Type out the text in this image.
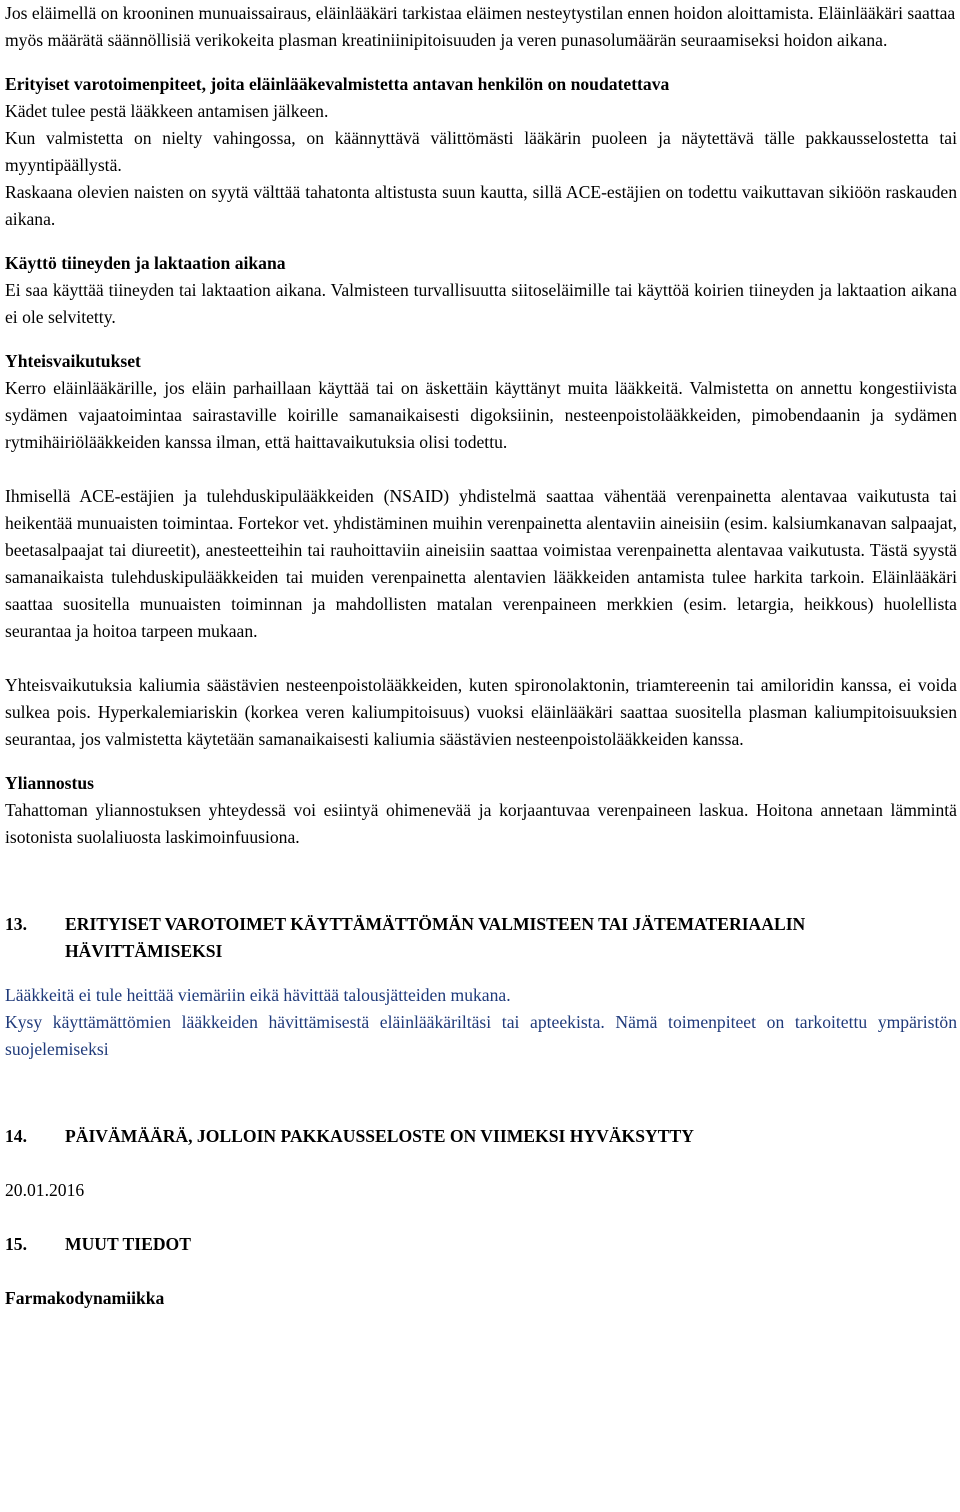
Jos eläimellä on krooninen munuaissairaus, eläinlääkäri tarkistaa eläimen nesteytystilan ennen hoidon aloittamista. Eläinlääkäri saattaa myös määrätä säännöllisiä verikokeita plasman kreatiniinipitoisuuden ja veren punasolumäärän seuraamiseksi hoidon aikana.

Erityiset varotoimenpiteet, joita eläinlääkevalmistetta antavan henkilön on noudatettava

Kädet tulee pestä lääkkeen antamisen jälkeen.

Kun valmistetta on nielty vahingossa, on käännyttävä välittömästi lääkärin puoleen ja näytettävä tälle pakkausselostetta tai myyntipäällystä.

Raskaana olevien naisten on syytä välttää tahatonta altistusta suun kautta, sillä ACE-estäjien on todettu vaikuttavan sikiöön raskauden aikana.

Käyttö tiineyden ja laktaation aikana

Ei saa käyttää tiineyden tai laktaation aikana. Valmisteen turvallisuutta siitoseläimille tai käyttöä koirien tiineyden ja laktaation aikana ei ole selvitetty.

Yhteisvaikutukset

Kerro eläinlääkärille, jos eläin parhaillaan käyttää tai on äskettäin käyttänyt muita lääkkeitä. Valmistetta on annettu kongestiivista sydämen vajaatoimintaa sairastaville koirille samanaikaisesti digoksiinin, nesteenpoistolääkkeiden, pimobendaanin ja sydämen rytmihäiriölääkkeiden kanssa ilman, että haittavaikutuksia olisi todettu.

Ihmisellä ACE-estäjien ja tulehduskipulääkkeiden (NSAID) yhdistelmä saattaa vähentää verenpainetta alentavaa vaikutusta tai heikentää munuaisten toimintaa. Fortekor vet. yhdistäminen muihin verenpainetta alentaviin aineisiin (esim. kalsiumkanavan salpaajat, beetasalpaajat tai diureetit), anesteetteihin tai rauhoittaviin aineisiin saattaa voimistaa verenpainetta alentavaa vaikutusta. Tästä syystä samanaikaista tulehduskipulääkkeiden tai muiden verenpainetta alentavien lääkkeiden antamista tulee harkita tarkoin. Eläinlääkäri saattaa suositella munuaisten toiminnan ja mahdollisten matalan verenpaineen merkkien (esim. letargia, heikkous) huolellista seurantaa ja hoitoa tarpeen mukaan.

Yhteisvaikutuksia kaliumia säästävien nesteenpoistolääkkeiden, kuten spironolaktonin, triamtereenin tai amiloridin kanssa, ei voida sulkea pois. Hyperkalemiariskin (korkea veren kaliumpitoisuus) vuoksi eläinlääkäri saattaa suositella plasman kaliumpitoisuuksien seurantaa, jos valmistetta käytetään samanaikaisesti kaliumia säästävien nesteenpoistolääkkeiden kanssa.

Yliannostus

Tahattoman yliannostuksen yhteydessä voi esiintyä ohimenevää ja korjaantuvaa verenpaineen laskua. Hoitona annetaan lämmintä isotonista suolaliuosta laskimoinfuusiona.

13.	ERITYISET VAROTOIMET KÄYTTÄMÄTTÖMÄN VALMISTEEN TAI JÄTEMATERIAALIN HÄVITTÄMISEKSI

Lääkkeitä ei tule heittää viemäriin eikä hävittää talousjätteiden mukana.

Kysy käyttämättömien lääkkeiden hävittämisestä eläinlääkäriltäsi tai apteekista. Nämä toimenpiteet on tarkoitettu ympäristön suojelemiseksi

14.	PÄIVÄMÄÄRÄ, JOLLOIN PAKKAUSSELOSTE ON VIIMEKSI HYVÄKSYTTY

20.01.2016

15.	MUUT TIEDOT

Farmakodynamiikka
